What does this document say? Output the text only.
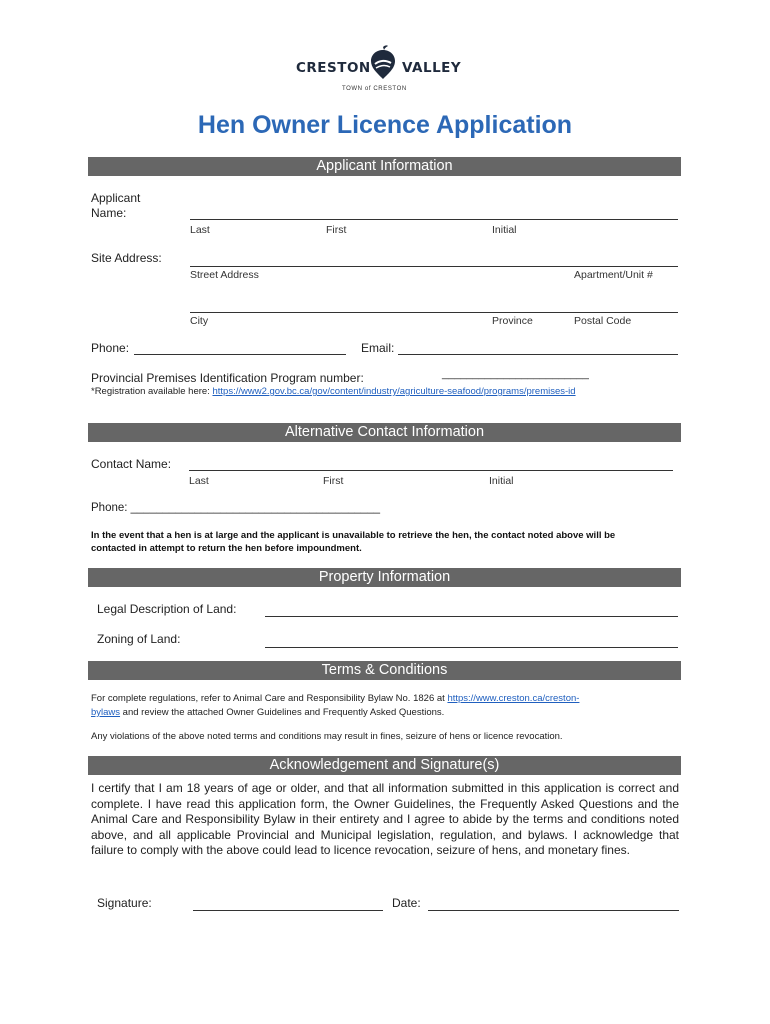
CRESTON VALLEY
TOWN of CRESTON
Hen Owner Licence Application
Applicant Information
Applicant Name:
Last	First	Initial
Site Address:
Street Address	Apartment/Unit #
City	Province	Postal Code
Phone:	Email:
Provincial Premises Identification Program number:	________________________
*Registration available here: https://www2.gov.bc.ca/gov/content/industry/agriculture-seafood/programs/premises-id
Alternative Contact Information
Contact Name:
Last	First	Initial
Phone: _______________________________________
In the event that a hen is at large and the applicant is unavailable to retrieve the hen, the contact noted above will be contacted in attempt to return the hen before impoundment.
Property Information
Legal Description of Land:
Zoning of Land:
Terms & Conditions
For complete regulations, refer to Animal Care and Responsibility Bylaw No. 1826 at https://www.creston.ca/creston-
bylaws and review the attached Owner Guidelines and Frequently Asked Questions.
Any violations of the above noted terms and conditions may result in fines, seizure of hens or licence revocation.
Acknowledgement and Signature(s)
I certify that I am 18 years of age or older, and that all information submitted in this application is correct and complete. I have read this application form, the Owner Guidelines, the Frequently Asked Questions and the Animal Care and Responsibility Bylaw in their entirety and I agree to abide by the terms and conditions noted above, and all applicable Provincial and Municipal legislation, regulation, and bylaws. I acknowledge that failure to comply with the above could lead to licence revocation, seizure of hens, and monetary fines.
Signature:	Date:
